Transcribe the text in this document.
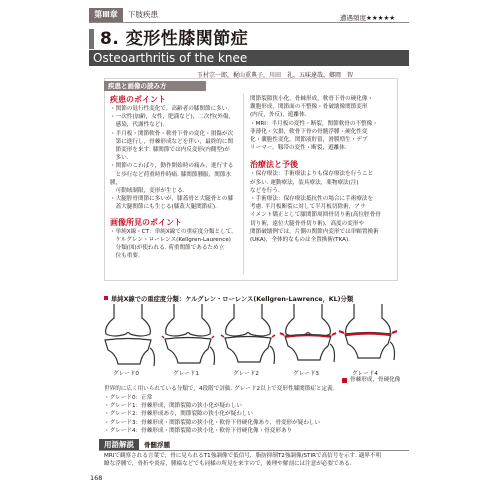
第Ⅲ章	下肢疾患	遭遇頻度★★★★★
8. 変形性膝関節症
Osteoarthritis of the knee
玉村宗一郎，梶山重典子，川田　礼，五味達哉，郷岡　智
疾患と画像の読み方
疾患のポイント
・関節の退行性変化で，高齢者の膝関節に多い.
・一次性(加齢，女性，肥満など)，二次性(外傷，
　感染，代謝性など).
・半月板・関節軟骨・軟骨下骨の変化・損傷が次
　第に進行し，骨棘形成などを伴い，最終的に関
　節変形を来す. 膝関節では内反変形(内側型)が
　多い.
・関節のこわばり，動作開始時の痛み，進行する
　と歩行など荷重時作時痛. 膝関節腫脹，関節水腫，
　可動域制限，変形が生じる.
・大腿脛骨関節に多いが，膝蓋骨と大腿骨との膝
　蓋大腿関節にも生じる(膝蓋大腿関節症).
画像所見のポイント
・単純X線・CT：単純X線での重症度分類として，
　ケルグレン・ローレンス(Kellgren-Laurence)
　分類(図)が使われる. 荷重関節であるため立
　位も重要.
関節裂隙狭小化，骨棘形成，軟骨下骨の硬化像・
囊胞形成，関節面の不整像・骨破壊像関節変形
(内反，外反)，遊離体.
・MRI：半月板の変性・断裂，関節軟骨の不整像・
菲薄化・欠損，軟骨下骨の骨髄浮腫・硬化性変
化・囊胞性変化，関節液貯留，滑膜増生・デブ
リーマー，靱帯の変性・断裂，遊離体.
治療法と予後
・保存療法：手術療法よりも保存療法を行うこと
が多い. 運動療法，装具療法，薬物療法(注)
などを行う.
・手術療法：保存療法抵抗性の場合に手術療法を
考慮. 半月板断裂に対して半月板切除術，アラ
イメント矯正として膝関節周囲骨切り術(高位脛骨骨
切り術，遠位大腿骨骨切り術)，高度の変形や
関節破壊例では，片側の関節内変形では単顆置換術
(UKA)，全体的なものは全置換術(TKA).
単純X線での重症度分類：ケルグレン・ローレンス(Kellgren-Lawrence，KL)分類
グレード0	グレード1	グレード2	グレード3	グレード4
骨棘形成，骨硬化像
世界的に広く用いられている分類で，4段階で評価. グレード2以上で変形性膝関節症と定義.
・グレード0：正常
・グレード1：骨棘形成，関節裂隙の狭小化が疑わしい
・グレード2：骨棘形成あり，関節裂隙の狭小化が疑わしい
・グレード3：骨棘形成・関節裂隙の狭小化・軟骨下骨硬化像あり，骨変形が疑わしい
・グレード4：骨棘形成・関節裂隙の狭小化・軟骨下骨硬化像・骨変形あり
用語解説	骨髄浮腫
MRIで観察される言葉で，骨に見られるT1強調像で低信号，脂肪抑制T2強調像/STIRで高信号を示す. 適界不明
瞭な浮腫で，骨折や炎症，腫瘍などでも同様の所見を来すので，後理や解剖には注意が必要である.
168
